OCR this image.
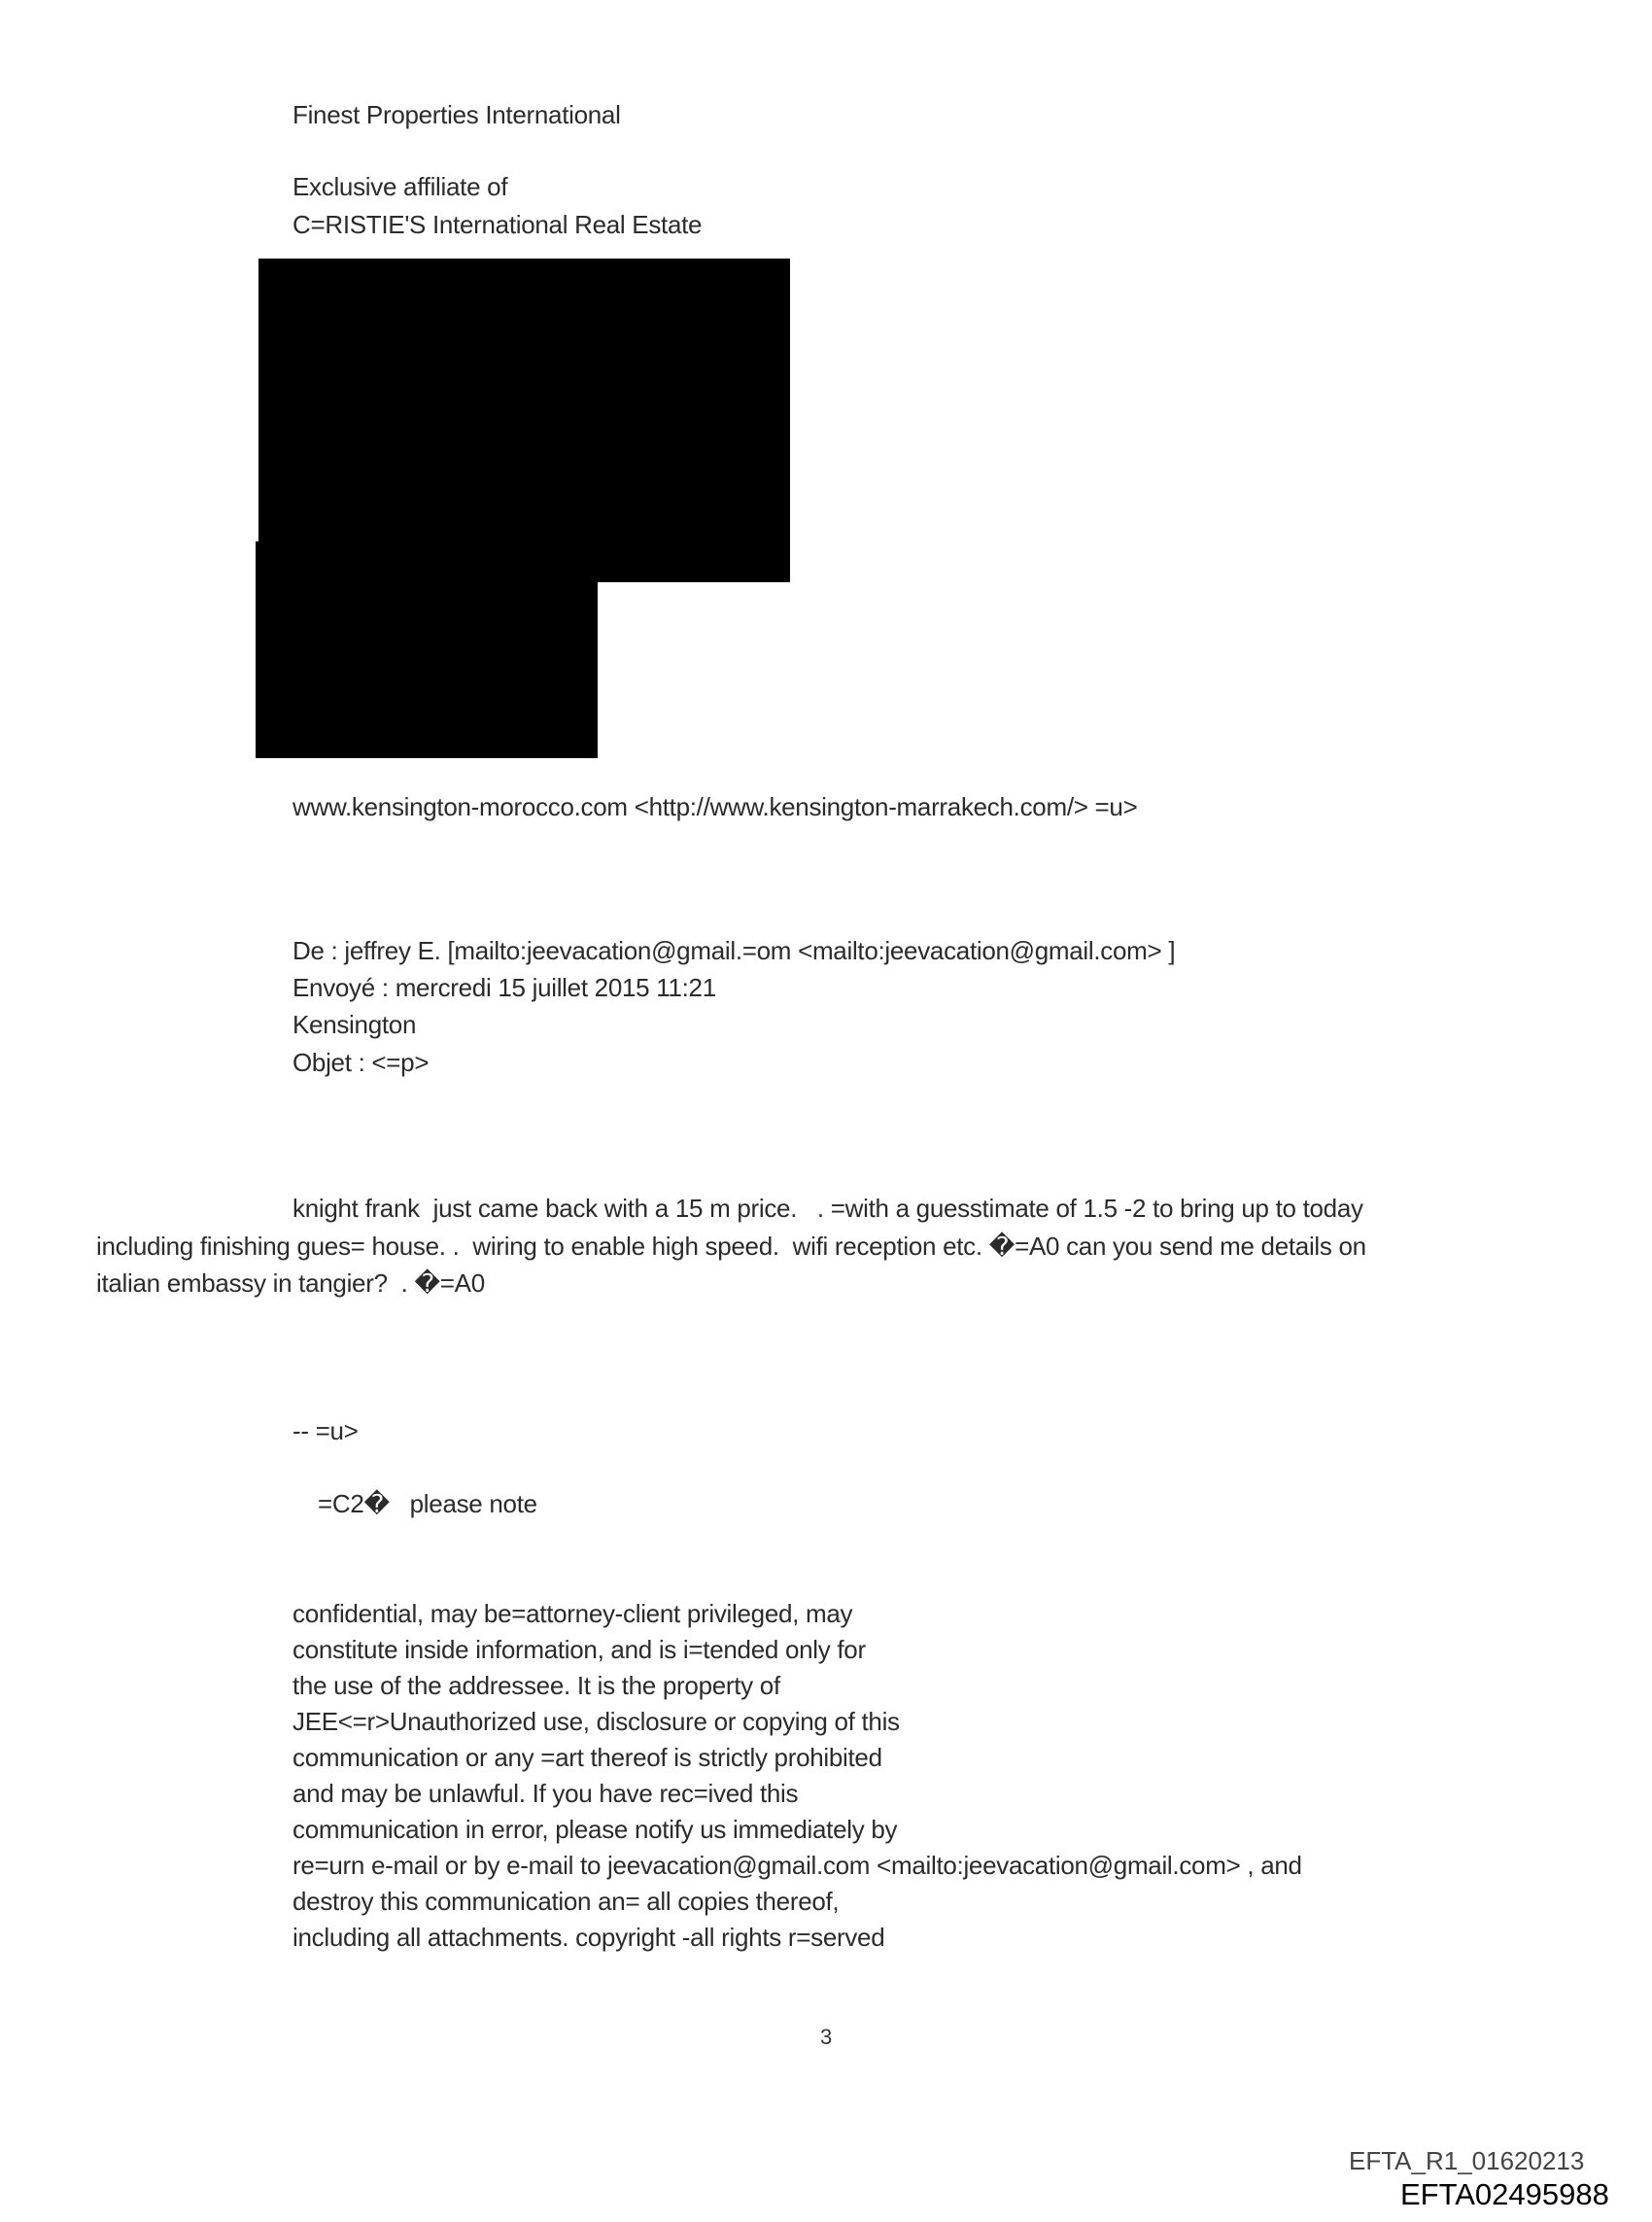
Finest Properties International
Exclusive affiliate of
C=RISTIE'S International Real Estate
www.kensington-morocco.com <http://www.kensington-marrakech.com/> =u>
De : jeffrey E. [mailto:jeevacation@gmail.=om <mailto:jeevacation@gmail.com> ]
Envoyé : mercredi 15 juillet 2015 11:21
Kensington
Objet : <=p>
knight frank  just came back with a 15 m price.   . =with a guesstimate of 1.5 -2 to bring up to today
including finishing gues= house. .  wiring to enable high speed.  wifi reception etc. �=A0 can you send me details on
italian embassy in tangier?  . �=A0
-- =u>
=C2�   please note
confidential, may be=attorney-client privileged, may
constitute inside information, and is i=tended only for
the use of the addressee. It is the property of
JEE<=r>Unauthorized use, disclosure or copying of this
communication or any =art thereof is strictly prohibited
and may be unlawful. If you have rec=ived this
communication in error, please notify us immediately by
re=urn e-mail or by e-mail to jeevacation@gmail.com <mailto:jeevacation@gmail.com> , and
destroy this communication an= all copies thereof,
including all attachments. copyright -all rights r=served
3
EFTA_R1_01620213
EFTA02495988
